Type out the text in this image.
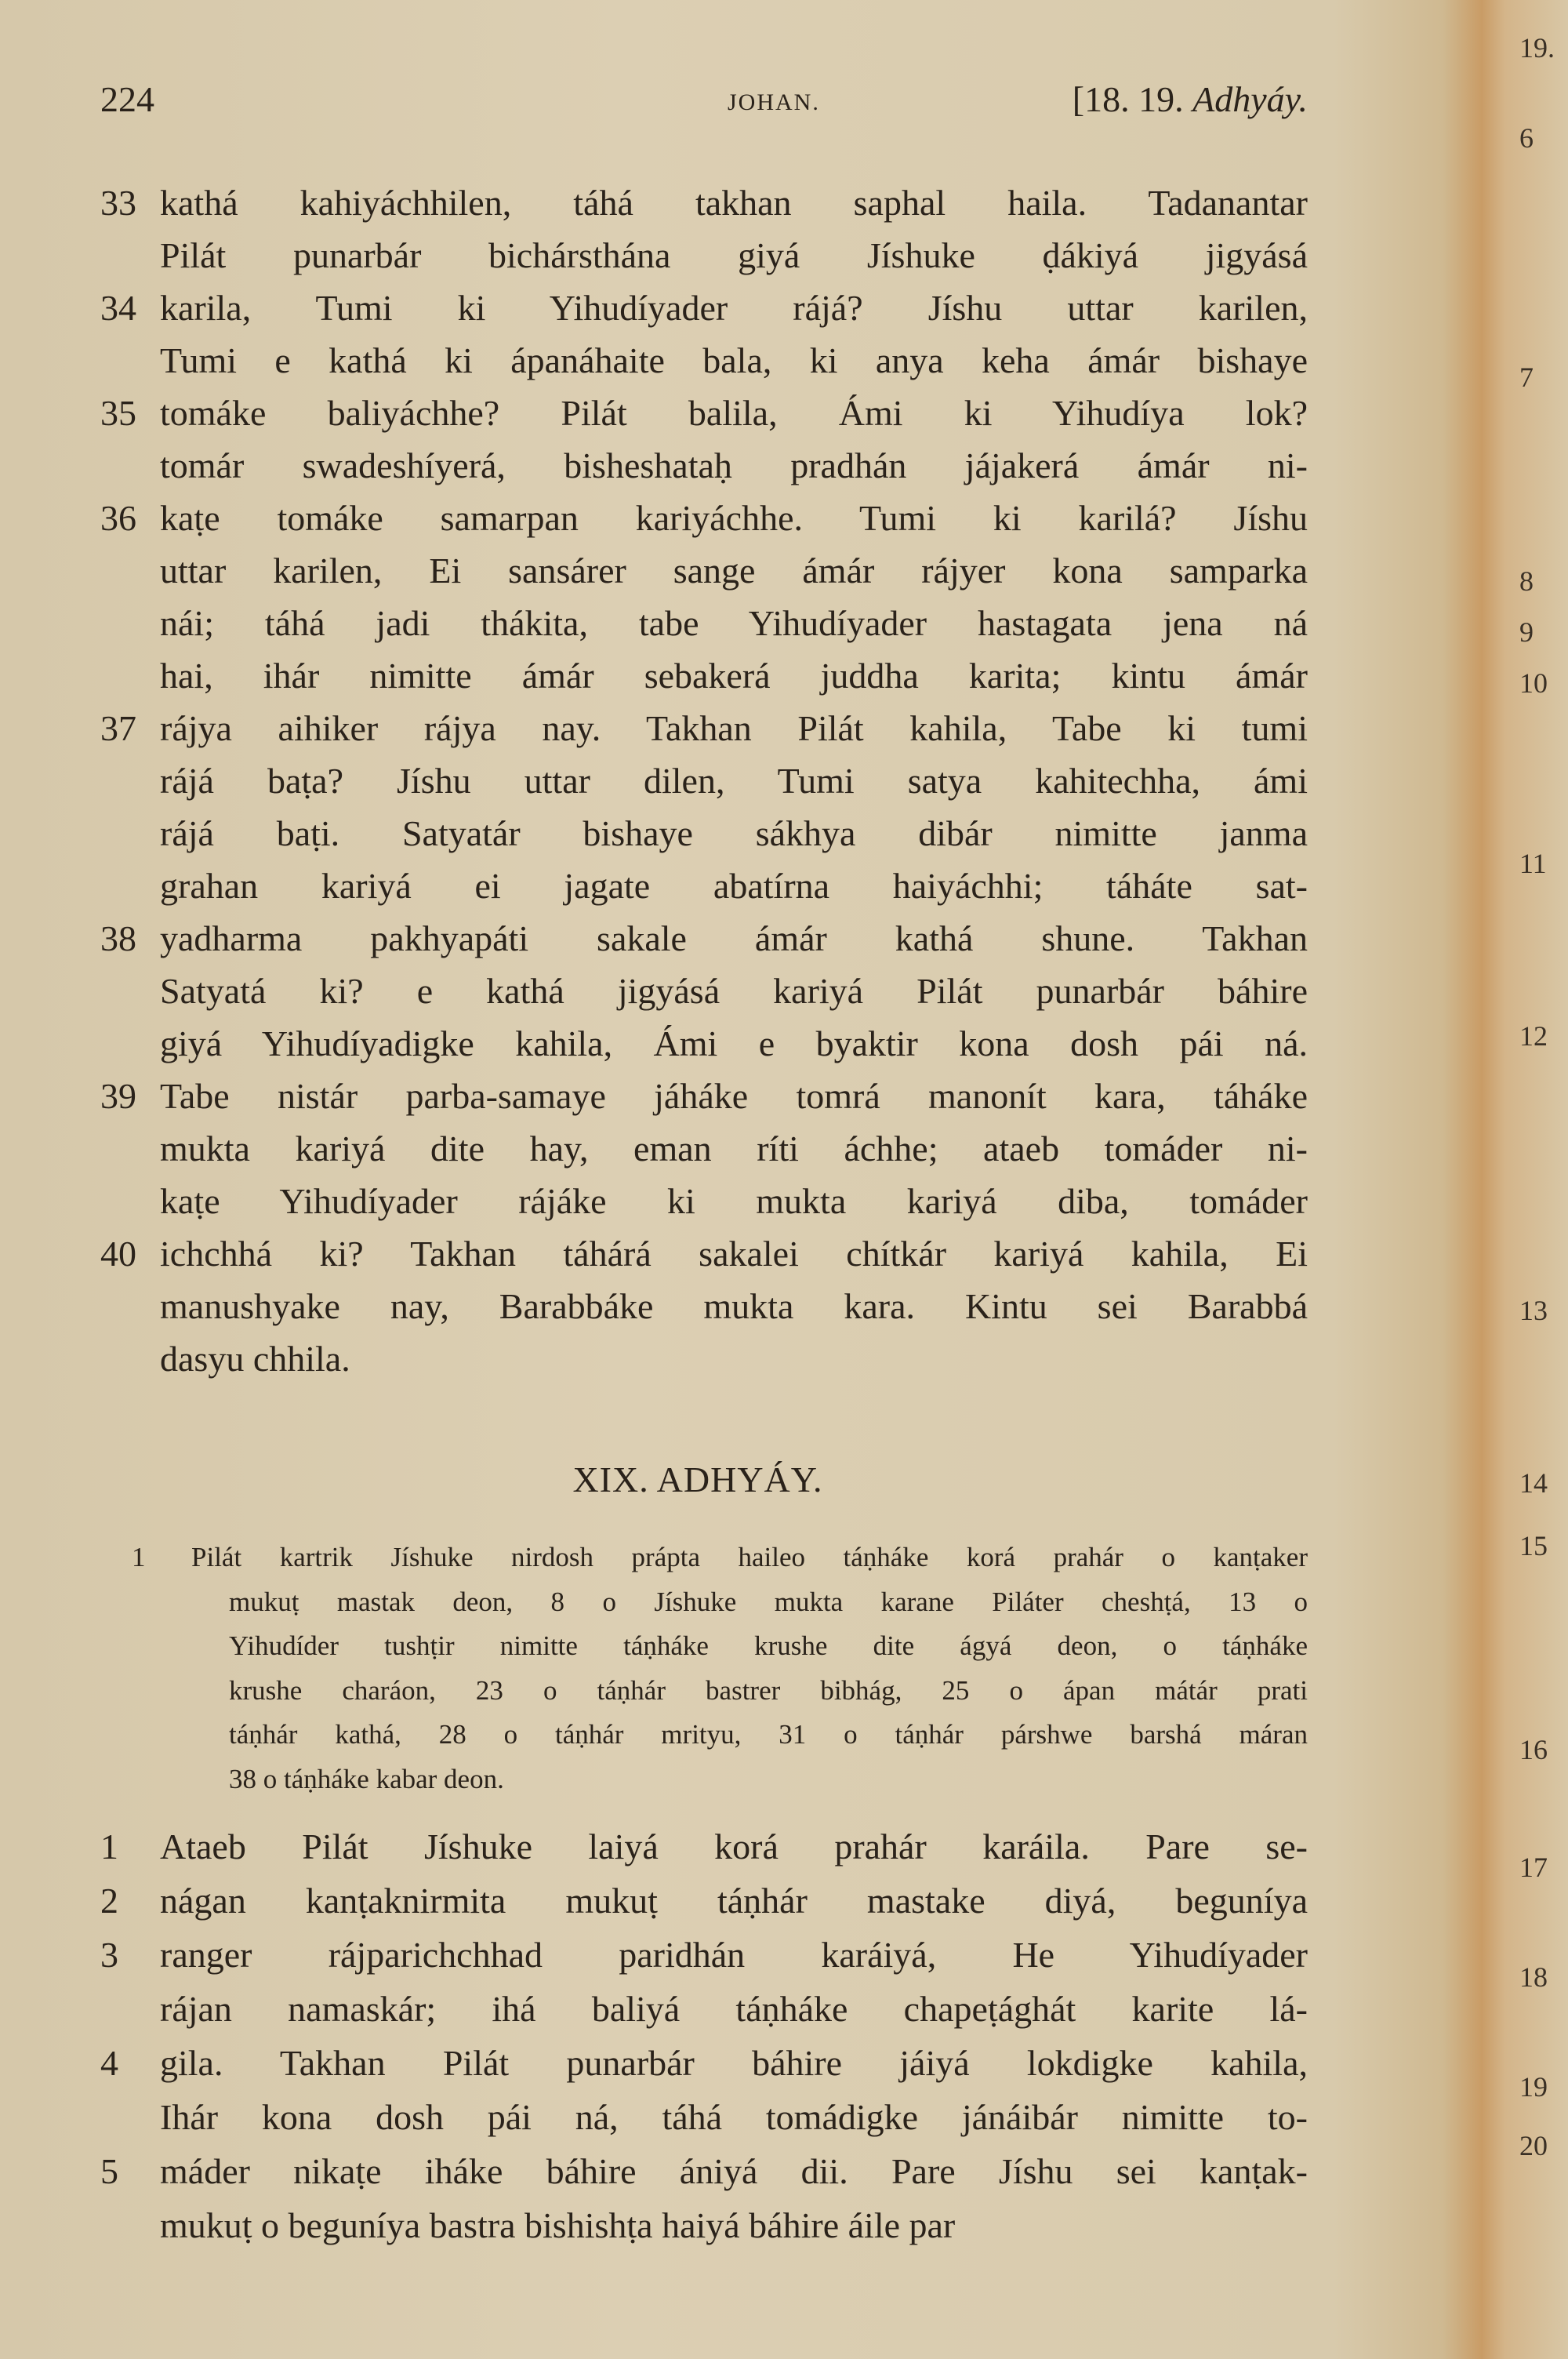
224	JOHAN.	[18. 19. Adhyáy.
33 kathá kahiyáchhilen, táhá takhan saphal haila. Tadanantar
Pilát punarbár bichársthána giyá Jíshuke ḍákiyá jigyásá
34 karila, Tumi ki Yihudíyader rájá? Jíshu uttar karilen,
Tumi e kathá ki ápanáhaite bala, ki anya keha ámár bishaye
35 tomáke baliyáchhe? Pilát balila, Ámi ki Yihudíya lok?
tomár swadeshíyerá, bisheshataḥ pradhán jájakerá ámár ni-
36 kaṭe tomáke samarpan kariyáchhe. Tumi ki karilá? Jíshu
uttar karilen, Ei sansárer sange ámár rájyer kona samparka
nái; táhá jadi thákita, tabe Yihudíyader hastagata jena ná
hai, ihár nimitte ámár sebakerá juddha karita; kintu ámár
37 rájya aihiker rájya nay. Takhan Pilát kahila, Tabe ki tumi
rájá baṭa? Jíshu uttar dilen, Tumi satya kahitechha, ámi
rájá baṭi. Satyatár bishaye sákhya dibár nimitte janma
grahan kariyá ei jagate abatírna haiyáchhi; táháte sat-
38 yadharma pakhyapáti sakale ámár kathá shune. Takhan
Satyatá ki? e kathá jigyásá kariyá Pilát punarbár báhire
giyá Yihudíyadigke kahila, Ámi e byaktir kona dosh pái ná.
39 Tabe nistár parba-samaye jáháke tomrá manonít kara, táháke
mukta kariyá dite hay, eman ríti áchhe; ataeb tomáder ni-
kaṭe Yihudíyader rájáke ki mukta kariyá diba, tomáder
40 ichchhá ki? Takhan táhárá sakalei chítkár kariyá kahila, Ei
manushyake nay, Barabbáke mukta kara. Kintu sei Barabbá
dasyu chhila.
XIX. ADHYÁY.
1 Pilát kartrik Jíshuke nirdosh prápta haileo táṇháke korá prahár o kanṭaker
mukuṭ mastak deon, 8 o Jíshuke mukta karane Piláter cheshṭá, 13 o
Yihudíder tushṭir nimitte táṇháke krushe dite ágyá deon, o táṇháke
krushe charáon, 23 o táṇhár bastrer bibhág, 25 o ápan mátár prati
táṇhár kathá, 28 o táṇhár mrityu, 31 o táṇhár párshwe barshá máran
38 o táṇháke kabar deon.
1	Ataeb Pilát Jíshuke laiyá korá prahár karáila. Pare se-
2	nágan kanṭaknirmita mukuṭ táṇhár mastake diyá, beguníya
3	ranger rájparichchhad paridhán karáiyá, He Yihudíyader
rájan namaskár; ihá baliyá táṇháke chapeṭághát karite lá-
4	gila. Takhan Pilát punarbár báhire jáiyá lokdigke kahila,
Ihár kona dosh pái ná, táhá tomádigke jánáibár nimitte to-
5	máder nikaṭe iháke báhire ániyá dii. Pare Jíshu sei kanṭak-
mukuṭ o beguníya bastra bishishṭa haiyá báhire áile par
19.
6
7
8
9
10
11
12
13
14
15
16
17
18
19
20
